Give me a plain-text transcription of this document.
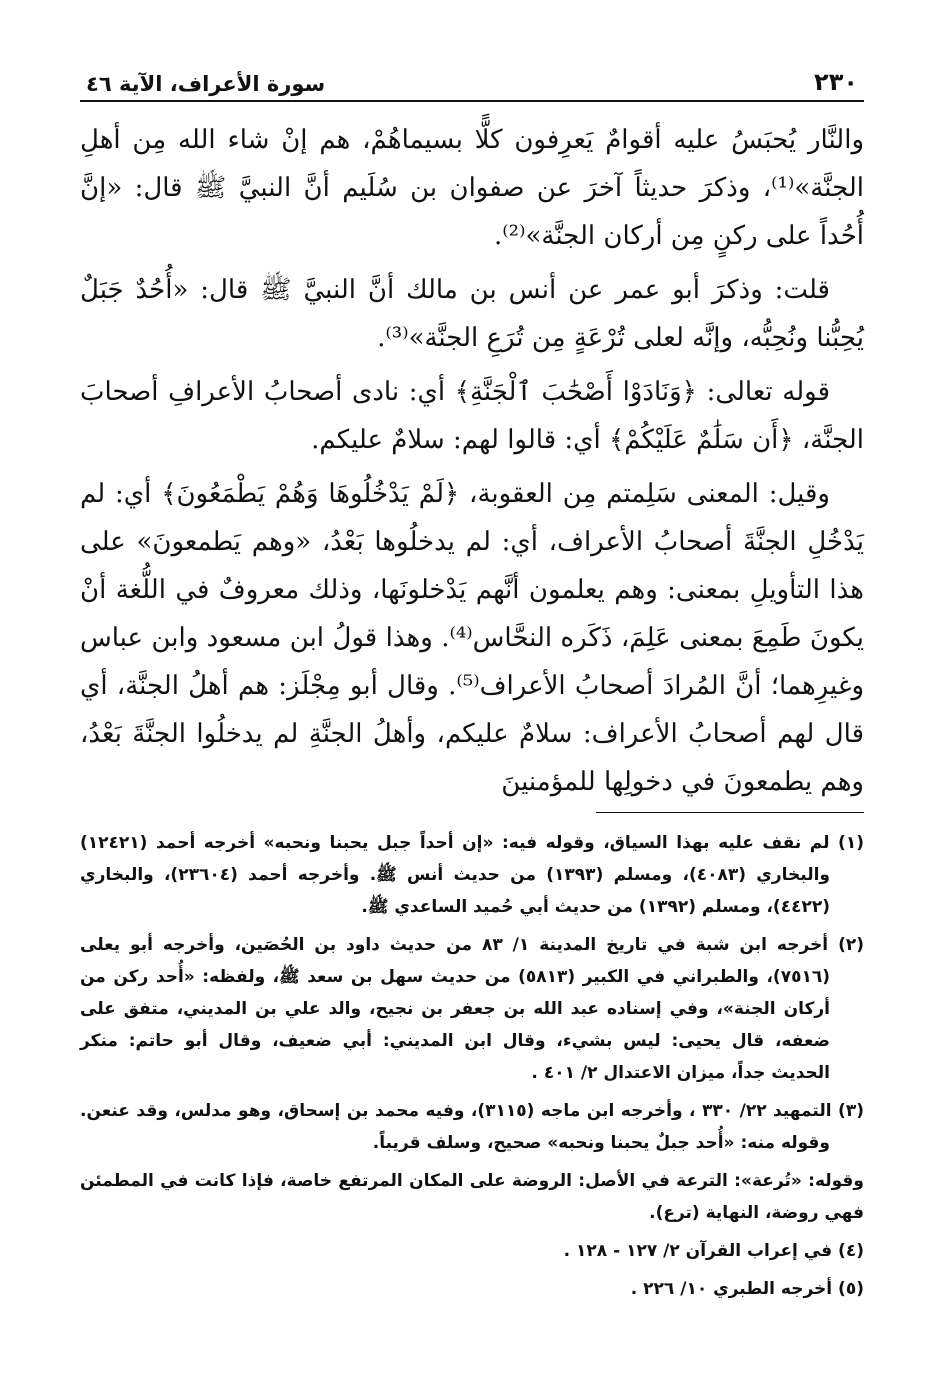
٢٣٠
سورة الأعراف، الآية ٤٦

والنَّار يُحبَسُ عليه أقوامٌ يَعرِفون كلًّا بسيماهُمْ، هم إنْ شاء الله مِن أهلِ الجنَّة»⁽¹⁾، وذكرَ حديثاً آخرَ عن صفوان بن سُلَيم أنَّ النبيَّ ﷺ قال: «إنَّ أُحُداً على ركنٍ مِن أركان الجنَّة»⁽²⁾.

قلت: وذكرَ أبو عمر عن أنس بن مالك أنَّ النبيَّ ﷺ قال: «أُحُدٌ جَبَلٌ يُحِبُّنا ونُحِبُّه، وإنَّه لعلى تُرْعَةٍ مِن تُرَعِ الجنَّة»⁽³⁾.

قوله تعالى: ﴿وَنَادَوْا أَصْحَٰبَ ٱلْجَنَّةِ﴾ أي: نادى أصحابُ الأعرافِ أصحابَ الجنَّة، ﴿أَن سَلَٰمٌ عَلَيْكُمْ﴾ أي: قالوا لهم: سلامٌ عليكم.

وقيل: المعنى سَلِمتم مِن العقوبة، ﴿لَمْ يَدْخُلُوهَا وَهُمْ يَطْمَعُونَ﴾ أي: لم يَدْخُلِ الجنَّةَ أصحابُ الأعراف، أي: لم يدخلُوها بَعْدُ، «وهم يَطمعونَ» على هذا التأويلِ بمعنى: وهم يعلمون أنَّهم يَدْخلونَها، وذلك معروفٌ في اللُّغة أنْ يكونَ طَمِعَ بمعنى عَلِمَ، ذَكَره النحَّاس⁽⁴⁾. وهذا قولُ ابن مسعود وابن عباس وغيرِهما؛ أنَّ المُرادَ أصحابُ الأعراف⁽⁵⁾. وقال أبو مِجْلَز: هم أهلُ الجنَّة، أي قال لهم أصحابُ الأعراف: سلامٌ عليكم، وأهلُ الجنَّةِ لم يدخلُوا الجنَّةَ بَعْدُ، وهم يطمعونَ في دخولِها للمؤمنينَ

(١) لم نقف عليه بهذا السياق، وقوله فيه: «إن أحداً جبل يحبنا ونحبه» أخرجه أحمد (١٢٤٢١) والبخاري (٤٠٨٣)، ومسلم (١٣٩٣) من حديث أنس ﷺ. وأخرجه أحمد (٢٣٦٠٤)، والبخاري (٤٤٢٢)، ومسلم (١٣٩٢) من حديث أبي حُميد الساعدي ﷺ.

(٢) أخرجه ابن شبة في تاريخ المدينة ١/ ٨٣ من حديث داود بن الحُصَين، وأخرجه أبو يعلى (٧٥١٦)، والطبراني في الكبير (٥٨١٣) من حديث سهل بن سعد ﷺ، ولفظه: «أُحد ركن من أركان الجنة»، وفي إسناده عبد الله بن جعفر بن نجيح، والد علي بن المديني، متفق على ضعفه، قال يحيى: ليس بشيء، وقال ابن المديني: أبي ضعيف، وقال أبو حاتم: منكر الحديث جداً، ميزان الاعتدال ٢/ ٤٠١ .

(٣) التمهيد ٢٢/ ٣٣٠ ، وأخرجه ابن ماجه (٣١١٥)، وفيه محمد بن إسحاق، وهو مدلس، وقد عنعن. وقوله منه: «أُحد جبلٌ يحبنا ونحبه» صحيح، وسلف قريباً.

وقوله: «تُرعة»: الترعة في الأصل: الروضة على المكان المرتفع خاصة، فإذا كانت في المطمئن فهي روضة، النهاية (ترع).

(٤) في إعراب القرآن ٢/ ١٢٧ - ١٢٨ .

(٥) أخرجه الطبري ١٠/ ٢٢٦ .
